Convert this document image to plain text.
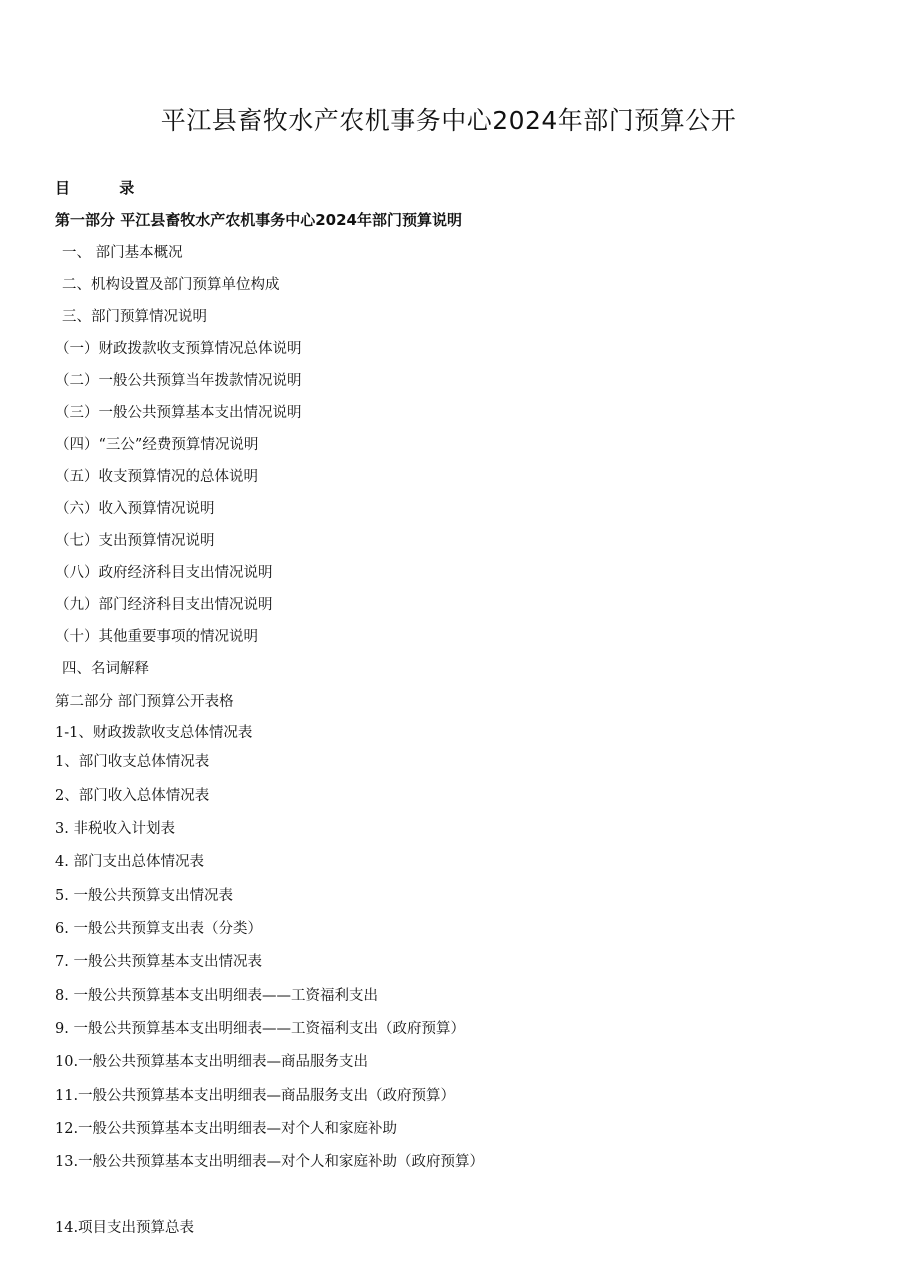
平江县畜牧水产农机事务中心2024年部门预算公开
目 录
第一部分 平江县畜牧水产农机事务中心2024年部门预算说明
一、 部门基本概况
二、机构设置及部门预算单位构成
三、部门预算情况说明
（一）财政拨款收支预算情况总体说明
（二）一般公共预算当年拨款情况说明
（三）一般公共预算基本支出情况说明
（四）“三公”经费预算情况说明
（五）收支预算情况的总体说明
（六）收入预算情况说明
（七）支出预算情况说明
（八）政府经济科目支出情况说明
（九）部门经济科目支出情况说明
（十）其他重要事项的情况说明
四、名词解释
第二部分 部门预算公开表格
1-1、财政拨款收支总体情况表
1、部门收支总体情况表
2、部门收入总体情况表
3. 非税收入计划表
4. 部门支出总体情况表
5. 一般公共预算支出情况表
6. 一般公共预算支出表（分类）
7. 一般公共预算基本支出情况表
8. 一般公共预算基本支出明细表——工资福利支出
9. 一般公共预算基本支出明细表——工资福利支出（政府预算）
10.一般公共预算基本支出明细表—商品服务支出
11.一般公共预算基本支出明细表—商品服务支出（政府预算）
12.一般公共预算基本支出明细表—对个人和家庭补助
13.一般公共预算基本支出明细表—对个人和家庭补助（政府预算）
14.项目支出预算总表
